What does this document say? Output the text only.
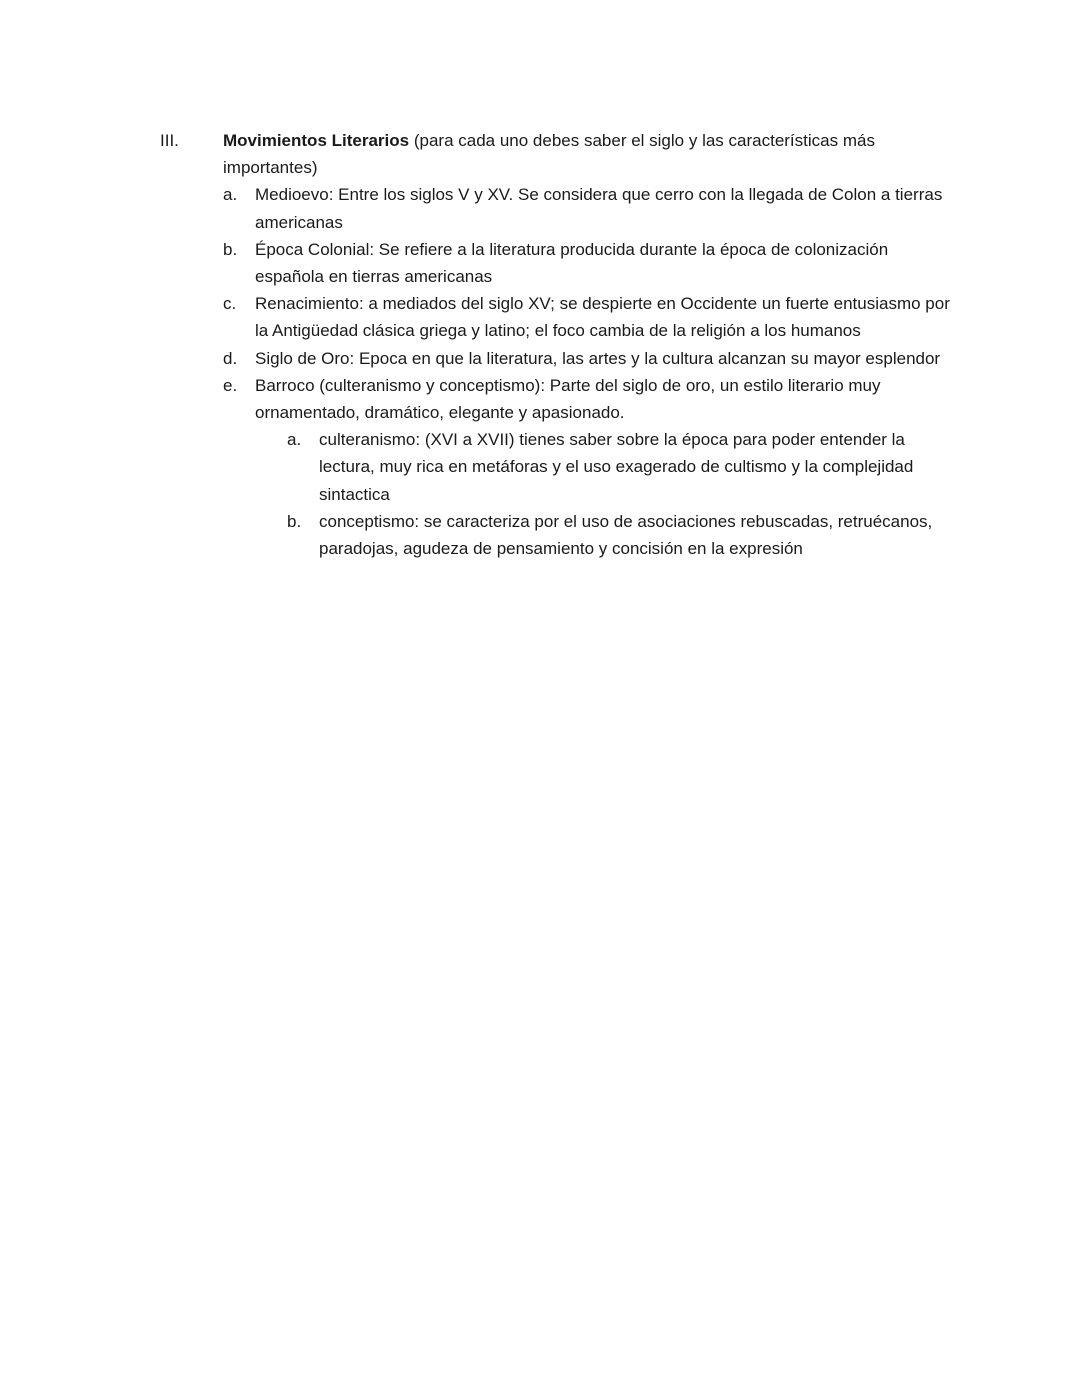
III.	Movimientos Literarios (para cada uno debes saber el siglo y las características más importantes)
a. Medioevo: Entre los siglos V y XV. Se considera que cerro con la llegada de Colon a tierras americanas
b. Época Colonial: Se refiere a la literatura producida durante la época de colonización española en tierras americanas
c. Renacimiento: a mediados del siglo XV; se despierte en Occidente un fuerte entusiasmo por la Antigüedad clásica griega y latino; el foco cambia de la religión a los humanos
d. Siglo de Oro: Epoca en que la literatura, las artes y la cultura alcanzan su mayor esplendor
e. Barroco (culteranismo y conceptismo): Parte del siglo de oro, un estilo literario muy ornamentado, dramático, elegante y apasionado.
a. culteranismo: (XVI a XVII) tienes saber sobre la época para poder entender la lectura, muy rica en metáforas y el uso exagerado de cultismo y la complejidad sintactica
b. conceptismo: se caracteriza por el uso de asociaciones rebuscadas, retruécanos, paradojas, agudeza de pensamiento y concisión en la expresión
